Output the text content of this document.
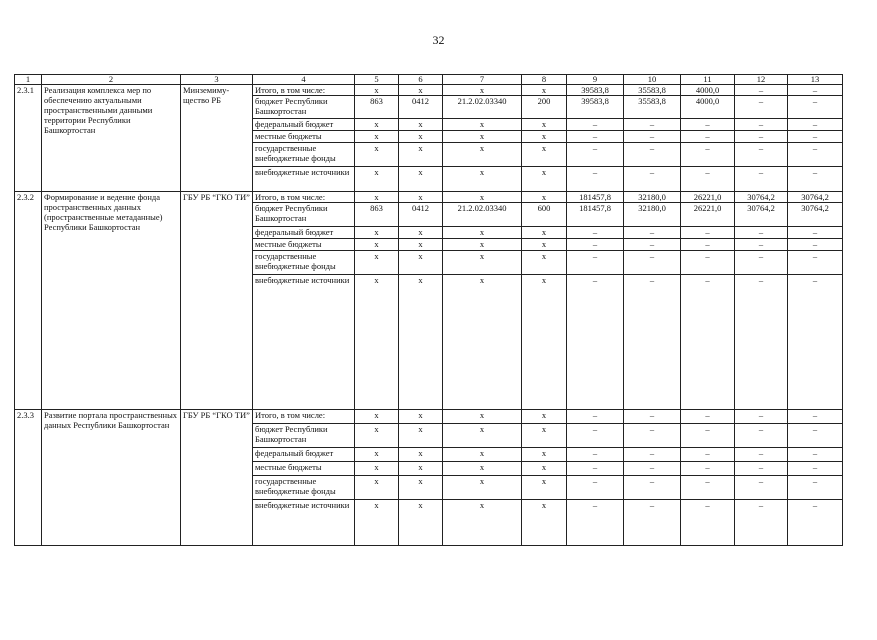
32
1	2	3	4	5	6	7	8	9	10	11	12	13
2.3.1	Реализация комплекса мер по обеспечению актуальными пространственными данными территории Республики Башкортостан	Минземиму-щество РБ	Итого, в том числе:	x	x	x	x	39583,8	35583,8	4000,0	–	–
			бюджет Республики Башкортостан	863	0412	21.2.02.03340	200	39583,8	35583,8	4000,0	–	–
			федеральный бюджет	x	x	x	x	–	–	–	–	–
			местные бюджеты	x	x	x	x	–	–	–	–	–
			государственные внебюджетные фонды	x	x	x	x	–	–	–	–	–
			внебюджетные источники	x	x	x	x	–	–	–	–	–
2.3.2	Формирование и ведение фонда пространственных данных (пространственные метаданные) Республики Башкортостан	ГБУ РБ “ГКО ТИ”	Итого, в том числе:	x	x	x	x	181457,8	32180,0	26221,0	30764,2	30764,2
			бюджет Республики Башкортостан	863	0412	21.2.02.03340	600	181457,8	32180,0	26221,0	30764,2	30764,2
			федеральный бюджет	x	x	x	x	–	–	–	–	–
			местные бюджеты	x	x	x	x	–	–	–	–	–
			государственные внебюджетные фонды	x	x	x	x	–	–	–	–	–
			внебюджетные источники	x	x	x	x	–	–	–	–	–
2.3.3	Развитие портала пространственных данных Республики Башкортостан	ГБУ РБ “ГКО ТИ”	Итого, в том числе:	x	x	x	x	–	–	–	–	–
			бюджет Республики Башкортостан	x	x	x	x	–	–	–	–	–
			федеральный бюджет	x	x	x	x	–	–	–	–	–
			местные бюджеты	x	x	x	x	–	–	–	–	–
			государственные внебюджетные фонды	x	x	x	x	–	–	–	–	–
			внебюджетные источники	x	x	x	x	–	–	–	–	–
